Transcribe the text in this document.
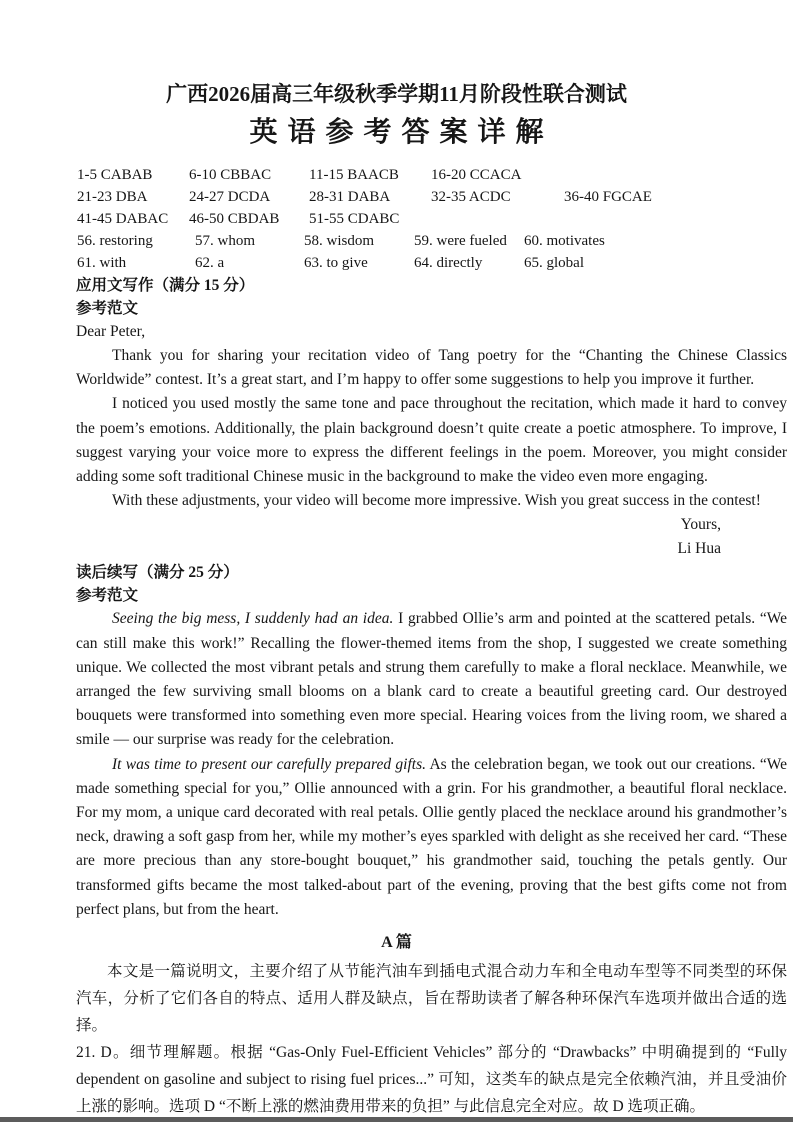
广西2026届高三年级秋季学期11月阶段性联合测试
英语参考答案详解
1-5 CABAB	6-10 CBBAC	11-15 BAACB	16-20 CCACA
21-23 DBA	24-27 DCDA	28-31 DABA	32-35 ACDC	36-40 FGCAE
41-45 DABAC	46-50 CBDAB	51-55 CDABC
56. restoring	57. whom	58. wisdom	59. were fueled	60. motivates
61. with	62. a	63. to give	64. directly	65. global
应用文写作（满分 15 分）
参考范文
Dear Peter,

Thank you for sharing your recitation video of Tang poetry for the “Chanting the Chinese Classics Worldwide” contest. It’s a great start, and I’m happy to offer some suggestions to help you improve it further.

I noticed you used mostly the same tone and pace throughout the recitation, which made it hard to convey the poem’s emotions. Additionally, the plain background doesn’t quite create a poetic atmosphere. To improve, I suggest varying your voice more to express the different feelings in the poem. Moreover, you might consider adding some soft traditional Chinese music in the background to make the video even more engaging.

With these adjustments, your video will become more impressive. Wish you great success in the contest!

Yours,
Li Hua
读后续写（满分 25 分）
参考范文

Seeing the big mess, I suddenly had an idea. I grabbed Ollie’s arm and pointed at the scattered petals. “We can still make this work!” Recalling the flower-themed items from the shop, I suggested we create something unique. We collected the most vibrant petals and strung them carefully to make a floral necklace. Meanwhile, we arranged the few surviving small blooms on a blank card to create a beautiful greeting card. Our destroyed bouquets were transformed into something even more special. Hearing voices from the living room, we shared a smile — our surprise was ready for the celebration.

It was time to present our carefully prepared gifts. As the celebration began, we took out our creations. “We made something special for you,” Ollie announced with a grin. For his grandmother, a beautiful floral necklace. For my mom, a unique card decorated with real petals. Ollie gently placed the necklace around his grandmother’s neck, drawing a soft gasp from her, while my mother’s eyes sparkled with delight as she received her card. “These are more precious than any store-bought bouquet,” his grandmother said, touching the petals gently. Our transformed gifts became the most talked-about part of the evening, proving that the best gifts come not from perfect plans, but from the heart.

A 篇

本文是一篇说明文，主要介绍了从节能汽油车到插电式混合动力车和全电动车型等不同类型的环保汽车，分析了它们各自的特点、适用人群及缺点，旨在帮助读者了解各种环保汽车选项并做出合适的选择。

21. D。细节理解题。根据 “Gas-Only Fuel-Efficient Vehicles” 部分的 “Drawbacks” 中明确提到的 “Fully dependent on gasoline and subject to rising fuel prices...” 可知，这类车的缺点是完全依赖汽油，并且受油价上涨的影响。选项 D “不断上涨的燃油费用带来的负担” 与此信息完全对应。故 D 选项正确。
